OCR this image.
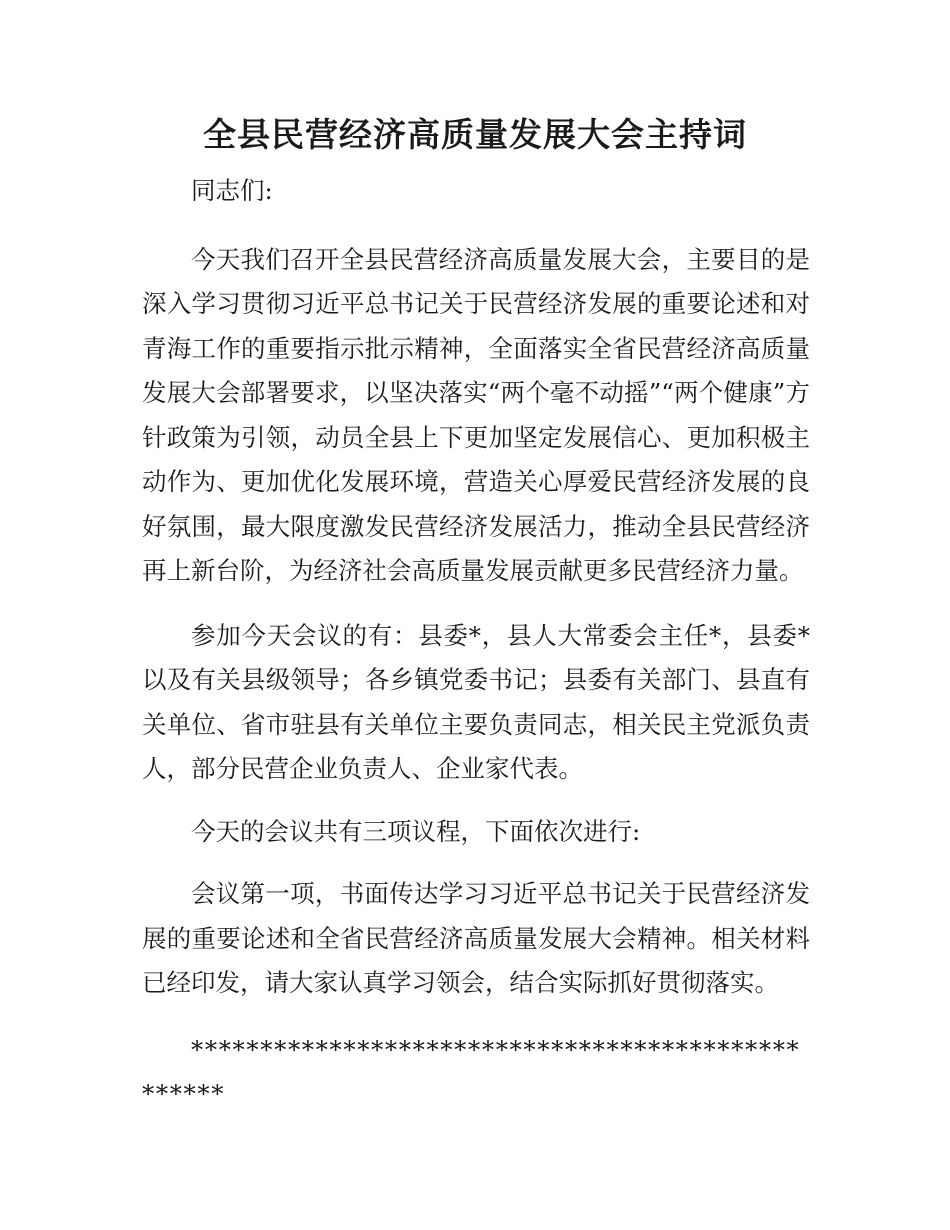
全县民营经济高质量发展大会主持词

同志们:

今天我们召开全县民营经济高质量发展大会，主要目的是深入学习贯彻习近平总书记关于民营经济发展的重要论述和对青海工作的重要指示批示精神，全面落实全省民营经济高质量发展大会部署要求，以坚决落实“两个毫不动摇”“两个健康”方针政策为引领，动员全县上下更加坚定发展信心、更加积极主动作为、更加优化发展环境，营造关心厚爱民营经济发展的良好氛围，最大限度激发民营经济发展活力，推动全县民营经济再上新台阶，为经济社会高质量发展贡献更多民营经济力量。

参加今天会议的有：县委*，县人大常委会主任*，县委*以及有关县级领导；各乡镇党委书记；县委有关部门、县直有关单位、省市驻县有关单位主要负责同志，相关民主党派负责人，部分民营企业负责人、企业家代表。

今天的会议共有三项议程，下面依次进行:

会议第一项，书面传达学习习近平总书记关于民营经济发展的重要论述和全省民营经济高质量发展大会精神。相关材料已经印发，请大家认真学习领会，结合实际抓好贯彻落实。

**************************************************
